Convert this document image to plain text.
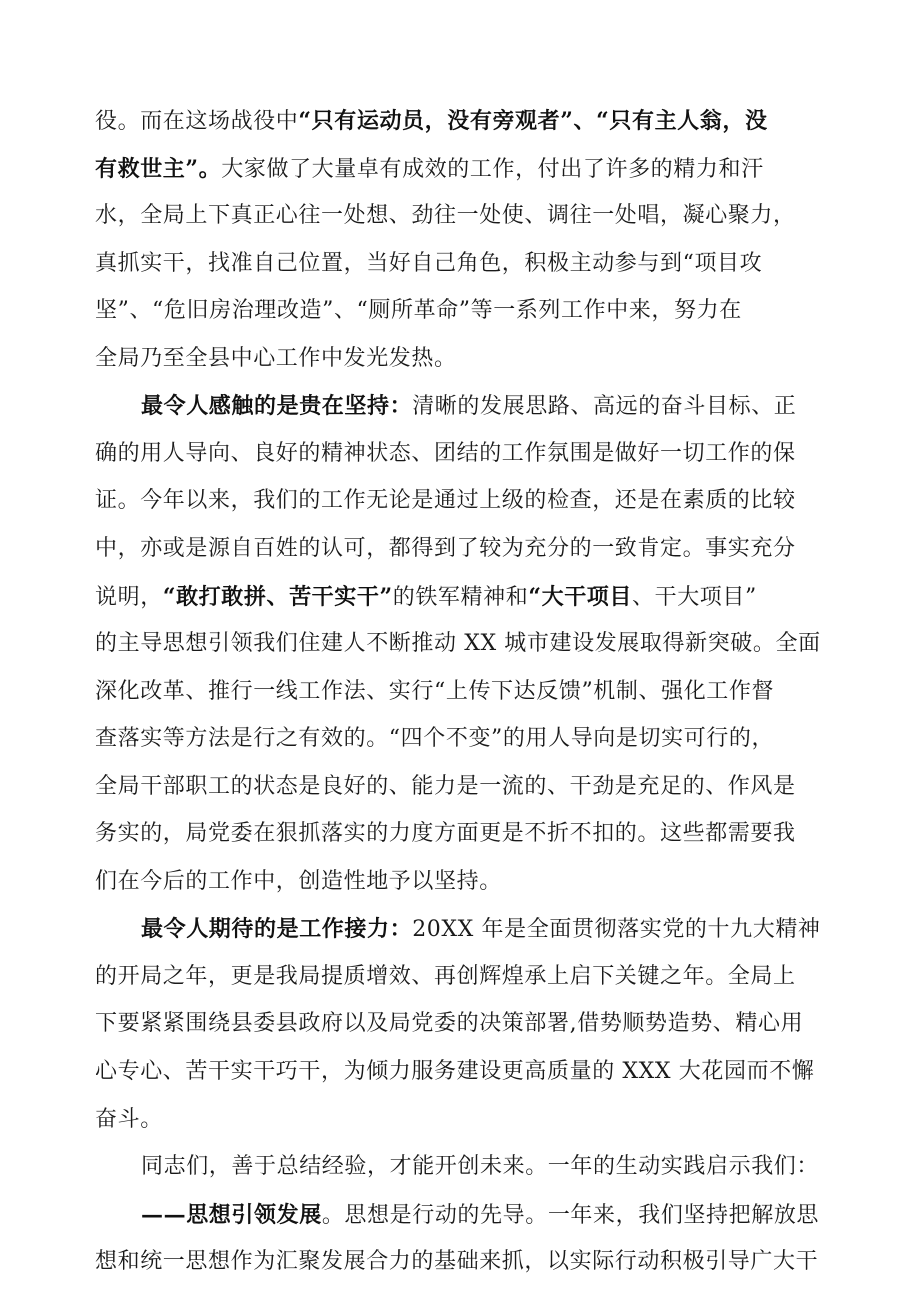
役。而在这场战役中“只有运动员，没有旁观者”、“只有主人翁，没
有救世主”。大家做了大量卓有成效的工作，付出了许多的精力和汗
水，全局上下真正心往一处想、劲往一处使、调往一处唱，凝心聚力，
真抓实干，找准自己位置，当好自己角色，积极主动参与到“项目攻
坚”、“危旧房治理改造”、“厕所革命”等一系列工作中来，努力在
全局乃至全县中心工作中发光发热。
最令人感触的是贵在坚持：清晰的发展思路、高远的奋斗目标、正
确的用人导向、良好的精神状态、团结的工作氛围是做好一切工作的保
证。今年以来，我们的工作无论是通过上级的检查，还是在素质的比较
中，亦或是源自百姓的认可，都得到了较为充分的一致肯定。事实充分
说明，“敢打敢拼、苦干实干”的铁军精神和“大干项目、干大项目”
的主导思想引领我们住建人不断推动 XX 城市建设发展取得新突破。全面
深化改革、推行一线工作法、实行“上传下达反馈”机制、强化工作督
查落实等方法是行之有效的。“四个不变”的用人导向是切实可行的，
全局干部职工的状态是良好的、能力是一流的、干劲是充足的、作风是
务实的，局党委在狠抓落实的力度方面更是不折不扣的。这些都需要我
们在今后的工作中，创造性地予以坚持。
最令人期待的是工作接力：20XX 年是全面贯彻落实党的十九大精神
的开局之年，更是我局提质增效、再创辉煌承上启下关键之年。全局上
下要紧紧围绕县委县政府以及局党委的决策部署,借势顺势造势、精心用
心专心、苦干实干巧干，为倾力服务建设更高质量的 XXX 大花园而不懈
奋斗。
同志们，善于总结经验，才能开创未来。一年的生动实践启示我们：
——思想引领发展。思想是行动的先导。一年来，我们坚持把解放思
想和统一思想作为汇聚发展合力的基础来抓，以实际行动积极引导广大干
